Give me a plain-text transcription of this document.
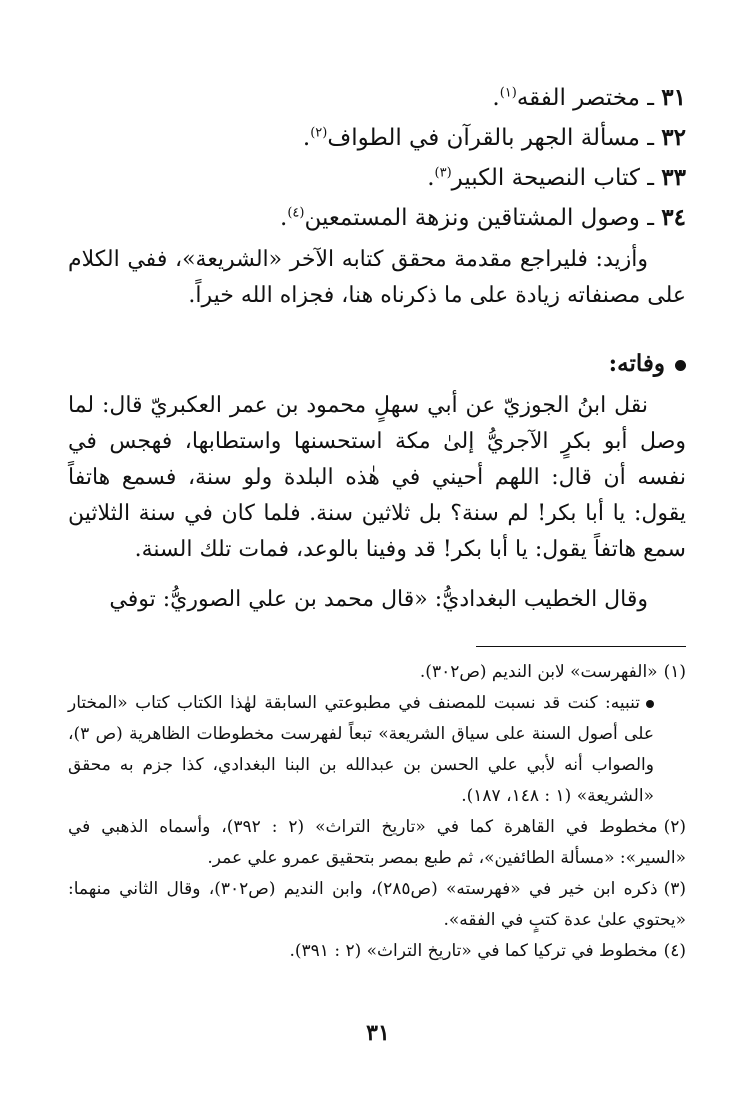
٣١ ـ مختصر الفقه$^{(١)}$.
٣٢ ـ مسألة الجهر بالقرآن في الطواف$^{(٢)}$.
٣٣ ـ كتاب النصيحة الكبير$^{(٣)}$.
٣٤ ـ وصول المشتاقين ونزهة المستمعين$^{(٤)}$.

وأزيد: فليراجع مقدمة محقق كتابه الآخر «الشريعة»، ففي الكلام على مصنفاته زيادة على ما ذكرناه هنا، فجزاه الله خيراً.

وفاته:

نقل ابنُ الجوزيّ عن أبي سهلٍ محمود بن عمر العكبريّ قال: لما وصل أبو بكرٍ الآجريُّ إلىٰ مكة استحسنها واستطابها، فهجس في نفسه أن قال: اللهم أحيني في هٰذه البلدة ولو سنة، فسمع هاتفاً يقول: يا أبا بكر! لم سنة؟ بل ثلاثين سنة. فلما كان في سنة الثلاثين سمع هاتفاً يقول: يا أبا بكر! قد وفينا بالوعد، فمات تلك السنة.

وقال الخطيب البغداديُّ: «قال محمد بن علي الصوريُّ: توفي

(١)«الفهرست» لابن النديم (ص٣٠٢).
تنبيه: كنت قد نسبت للمصنف في مطبوعتي السابقة لهٰذا الكتاب كتاب «المختار على أصول السنة على سياق الشريعة» تبعاً لفهرست مخطوطات الظاهرية (ص ٣)، والصواب أنه لأبي علي الحسن بن عبدالله بن البنا البغدادي، كذا جزم به محقق «الشريعة» (١ : ١٤٨، ١٨٧).
(٢)مخطوط في القاهرة كما في «تاريخ التراث» (٢ : ٣٩٢)، وأسماه الذهبي في «السير»: «مسألة الطائفين»، ثم طبع بمصر بتحقيق عمرو علي عمر.
(٣)ذكره ابن خير في «فهرسته» (ص٢٨٥)، وابن النديم (ص٣٠٢)، وقال الثاني منهما: «يحتوي علىٰ عدة كتبٍ في الفقه».
(٤)مخطوط في تركيا كما في «تاريخ التراث» (٢ : ٣٩١).
٣١
